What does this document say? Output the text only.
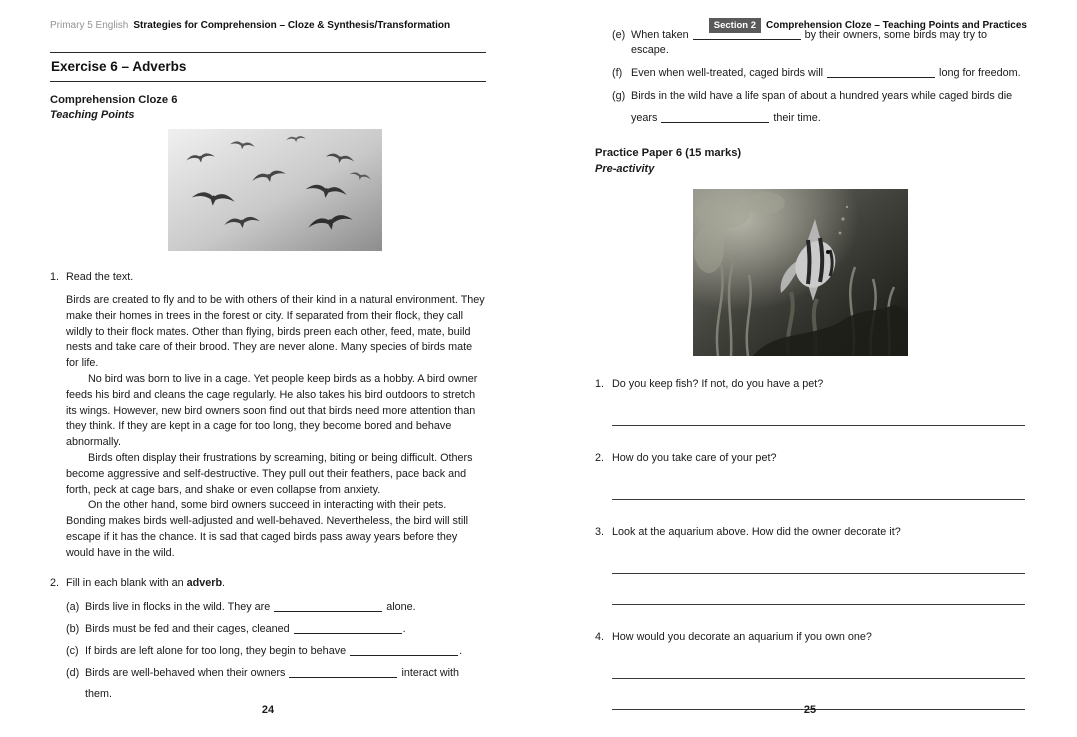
Primary 5 English Strategies for Comprehension – Cloze & Synthesis/Transformation
Exercise 6 – Adverbs
Comprehension Cloze 6
Teaching Points
1. Read the text.

Birds are created to fly and to be with others of their kind in a natural environment. They make their homes in trees in the forest or city. If separated from their flock, they call wildly to their flock mates. Other than flying, birds preen each other, feed, mate, build nests and take care of their brood. They are never alone. Many species of birds mate for life.

No bird was born to live in a cage. Yet people keep birds as a hobby. A bird owner feeds his bird and cleans the cage regularly. He also takes his bird outdoors to stretch its wings. However, new bird owners soon find out that birds need more attention than they think. If they are kept in a cage for too long, they become bored and behave abnormally.

Birds often display their frustrations by screaming, biting or being difficult. Others become aggressive and self-destructive. They pull out their feathers, pace back and forth, peck at cage bars, and shake or even collapse from anxiety.

On the other hand, some bird owners succeed in interacting with their pets. Bonding makes birds well-adjusted and well-behaved. Nevertheless, the bird will still escape if it has the chance. It is sad that caged birds pass away years before they would have in the wild.

2. Fill in each blank with an adverb.
(a) Birds live in flocks in the wild. They are	alone.
(b) Birds must be fed and their cages, cleaned	.
(c) If birds are left alone for too long, they begin to behave	.
(d) Birds are well-behaved when their owners	interact with
them.
24
Section 2 Comprehension Cloze – Teaching Points and Practices
(e) When taken	by their owners, some birds may try to escape.
(f) Even when well-treated, caged birds will	long for freedom.
(g) Birds in the wild have a life span of about a hundred years while caged birds die
years	their time.
Practice Paper 6 (15 marks)
Pre-activity
1. Do you keep fish? If not, do you have a pet?
2. How do you take care of your pet?
3. Look at the aquarium above. How did the owner decorate it?
4. How would you decorate an aquarium if you own one?
25
